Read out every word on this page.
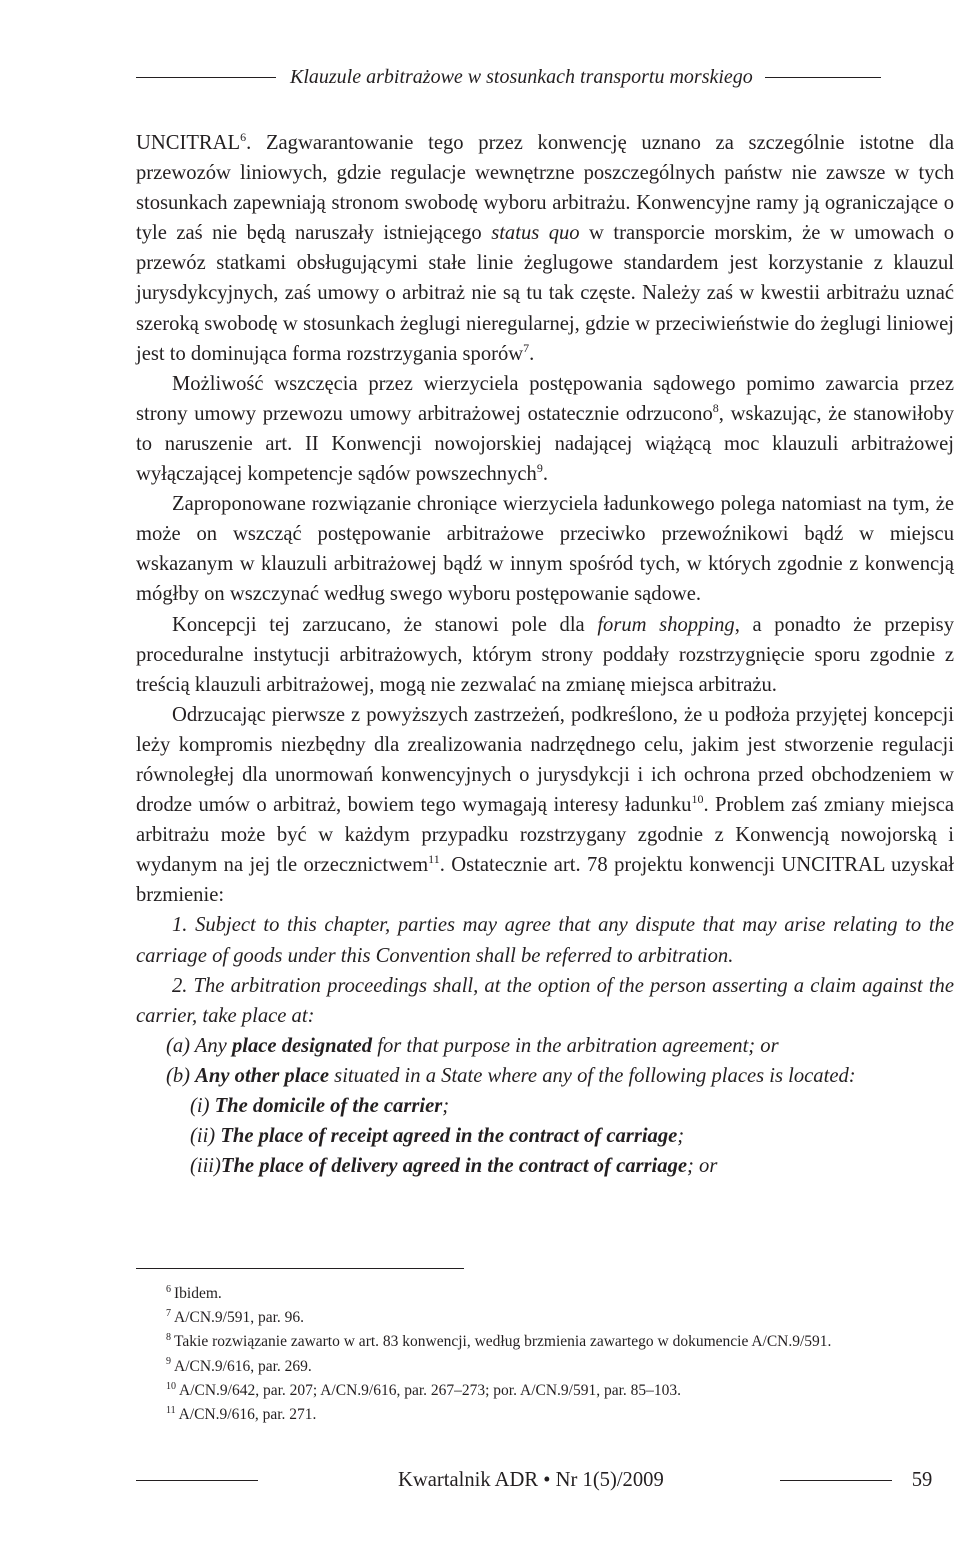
Klauzule arbitrażowe w stosunkach transportu morskiego

UNCITRAL$^6$. Zagwarantowanie tego przez konwencję uznano za szczególnie istotne dla przewozów liniowych, gdzie regulacje wewnętrzne poszczególnych państw nie zawsze w tych stosunkach zapewniają stronom swobodę wyboru arbitrażu. Konwencyjne ramy ją ograniczające o tyle zaś nie będą naruszały istniejącego status quo w transporcie morskim, że w umowach o przewóz statkami obsługującymi stałe linie żeglugowe standardem jest korzystanie z klauzul jurysdykcyjnych, zaś umowy o arbitraż nie są tu tak częste. Należy zaś w kwestii arbitrażu uznać szeroką swobodę w stosunkach żeglugi nieregularnej, gdzie w przeciwieństwie do żeglugi liniowej jest to dominująca forma rozstrzygania sporów$^7$.

Możliwość wszczęcia przez wierzyciela postępowania sądowego pomimo zawarcia przez strony umowy przewozu umowy arbitrażowej ostatecznie odrzucono$^8$, wskazując, że stanowiłoby to naruszenie art. II Konwencji nowojorskiej nadającej wiążącą moc klauzuli arbitrażowej wyłączającej kompetencje sądów powszechnych$^9$.

Zaproponowane rozwiązanie chroniące wierzyciela ładunkowego polega natomiast na tym, że może on wszcząć postępowanie arbitrażowe przeciwko przewoźnikowi bądź w miejscu wskazanym w klauzuli arbitrażowej bądź w innym spośród tych, w których zgodnie z konwencją mógłby on wszczynać według swego wyboru postępowanie sądowe.

Koncepcji tej zarzucano, że stanowi pole dla forum shopping, a ponadto że przepisy proceduralne instytucji arbitrażowych, którym strony poddały rozstrzygnięcie sporu zgodnie z treścią klauzuli arbitrażowej, mogą nie zezwalać na zmianę miejsca arbitrażu.

Odrzucając pierwsze z powyższych zastrzeżeń, podkreślono, że u podłoża przyjętej koncepcji leży kompromis niezbędny dla zrealizowania nadrzędnego celu, jakim jest stworzenie regulacji równoległej dla unormowań konwencyjnych o jurysdykcji i ich ochrona przed obchodzeniem w drodze umów o arbitraż, bowiem tego wymagają interesy ładunku$^{10}$. Problem zaś zmiany miejsca arbitrażu może być w każdym przypadku rozstrzygany zgodnie z Konwencją nowojorską i wydanym na jej tle orzecznictwem$^{11}$. Ostatecznie art. 78 projektu konwencji UNCITRAL uzyskał brzmienie:

1. Subject to this chapter, parties may agree that any dispute that may arise relating to the carriage of goods under this Convention shall be referred to arbitration.

2. The arbitration proceedings shall, at the option of the person asserting a claim against the carrier, take place at:

(a) Any place designated for that purpose in the arbitration agreement; or
(b) Any other place situated in a State where any of the following places is located:
(i) The domicile of the carrier;
(ii) The place of receipt agreed in the contract of carriage;
(iii)The place of delivery agreed in the contract of carriage; or
$^6$ Ibidem.
$^7$ A/CN.9/591, par. 96.
$^8$ Takie rozwiązanie zawarto w art. 83 konwencji, według brzmienia zawartego w dokumencie A/CN.9/591.
$^9$ A/CN.9/616, par. 269.
$^{10}$ A/CN.9/642, par. 207; A/CN.9/616, par. 267–273; por. A/CN.9/591, par. 85–103.
$^{11}$ A/CN.9/616, par. 271.
Kwartalnik ADR • Nr 1(5)/2009	59
